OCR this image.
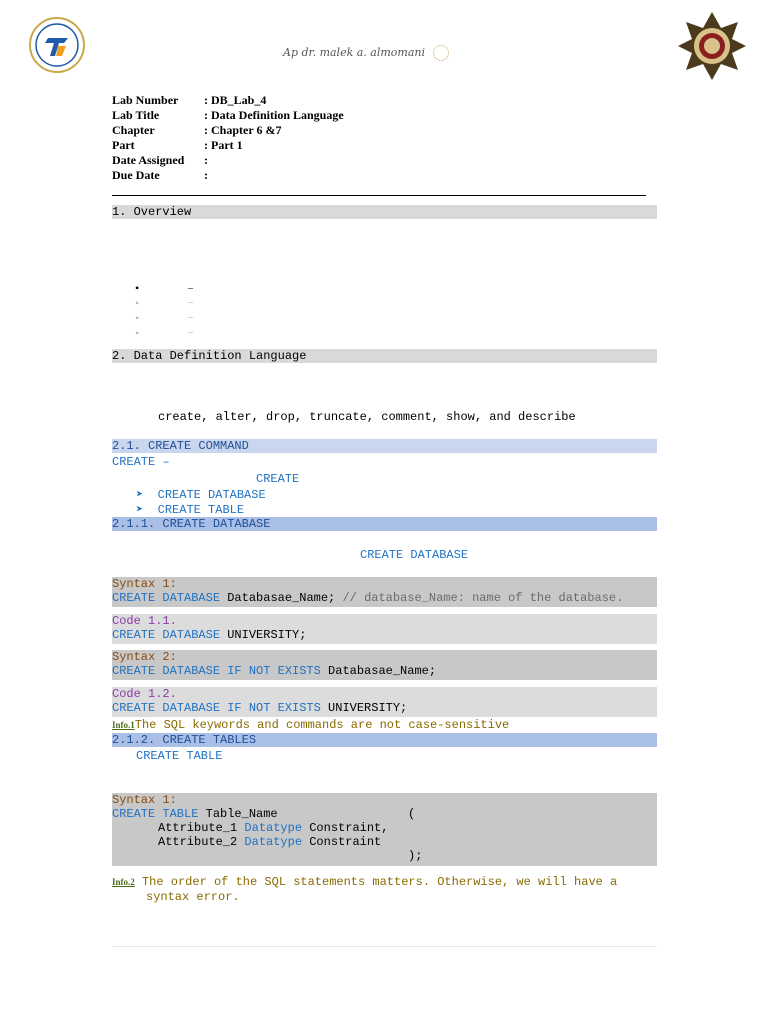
Ap dr. malek a. almomani
Lab Number	: DB_Lab_4
Lab Title	: Data Definition Language
Chapter	: Chapter 6 &7
Part	: Part 1
Date Assigned	:
Due Date	:
1. Overview
•	–
•	–
•	–
•	–
2. Data Definition Language
create, alter, drop, truncate, comment, show, and describe
2.1. CREATE COMMAND
CREATE –
CREATE
➤ CREATE DATABASE
➤ CREATE TABLE
2.1.1. CREATE DATABASE
CREATE DATABASE
Syntax 1:
CREATE DATABASE Databasae_Name; // database_Name: name of the database.
Code 1.1.
CREATE DATABASE UNIVERSITY;
Syntax 2:
CREATE DATABASE IF NOT EXISTS Databasae_Name;
Code 1.2.
CREATE DATABASE IF NOT EXISTS UNIVERSITY;
Info.1The SQL keywords and commands are not case-sensitive
2.1.2. CREATE TABLES
CREATE TABLE
Syntax 1:
CREATE TABLE Table_Name	(
Attribute_1 Datatype Constraint,
Attribute_2 Datatype Constraint
);
Info.2 The order of the SQL statements matters. Otherwise, we will have a
syntax error.
